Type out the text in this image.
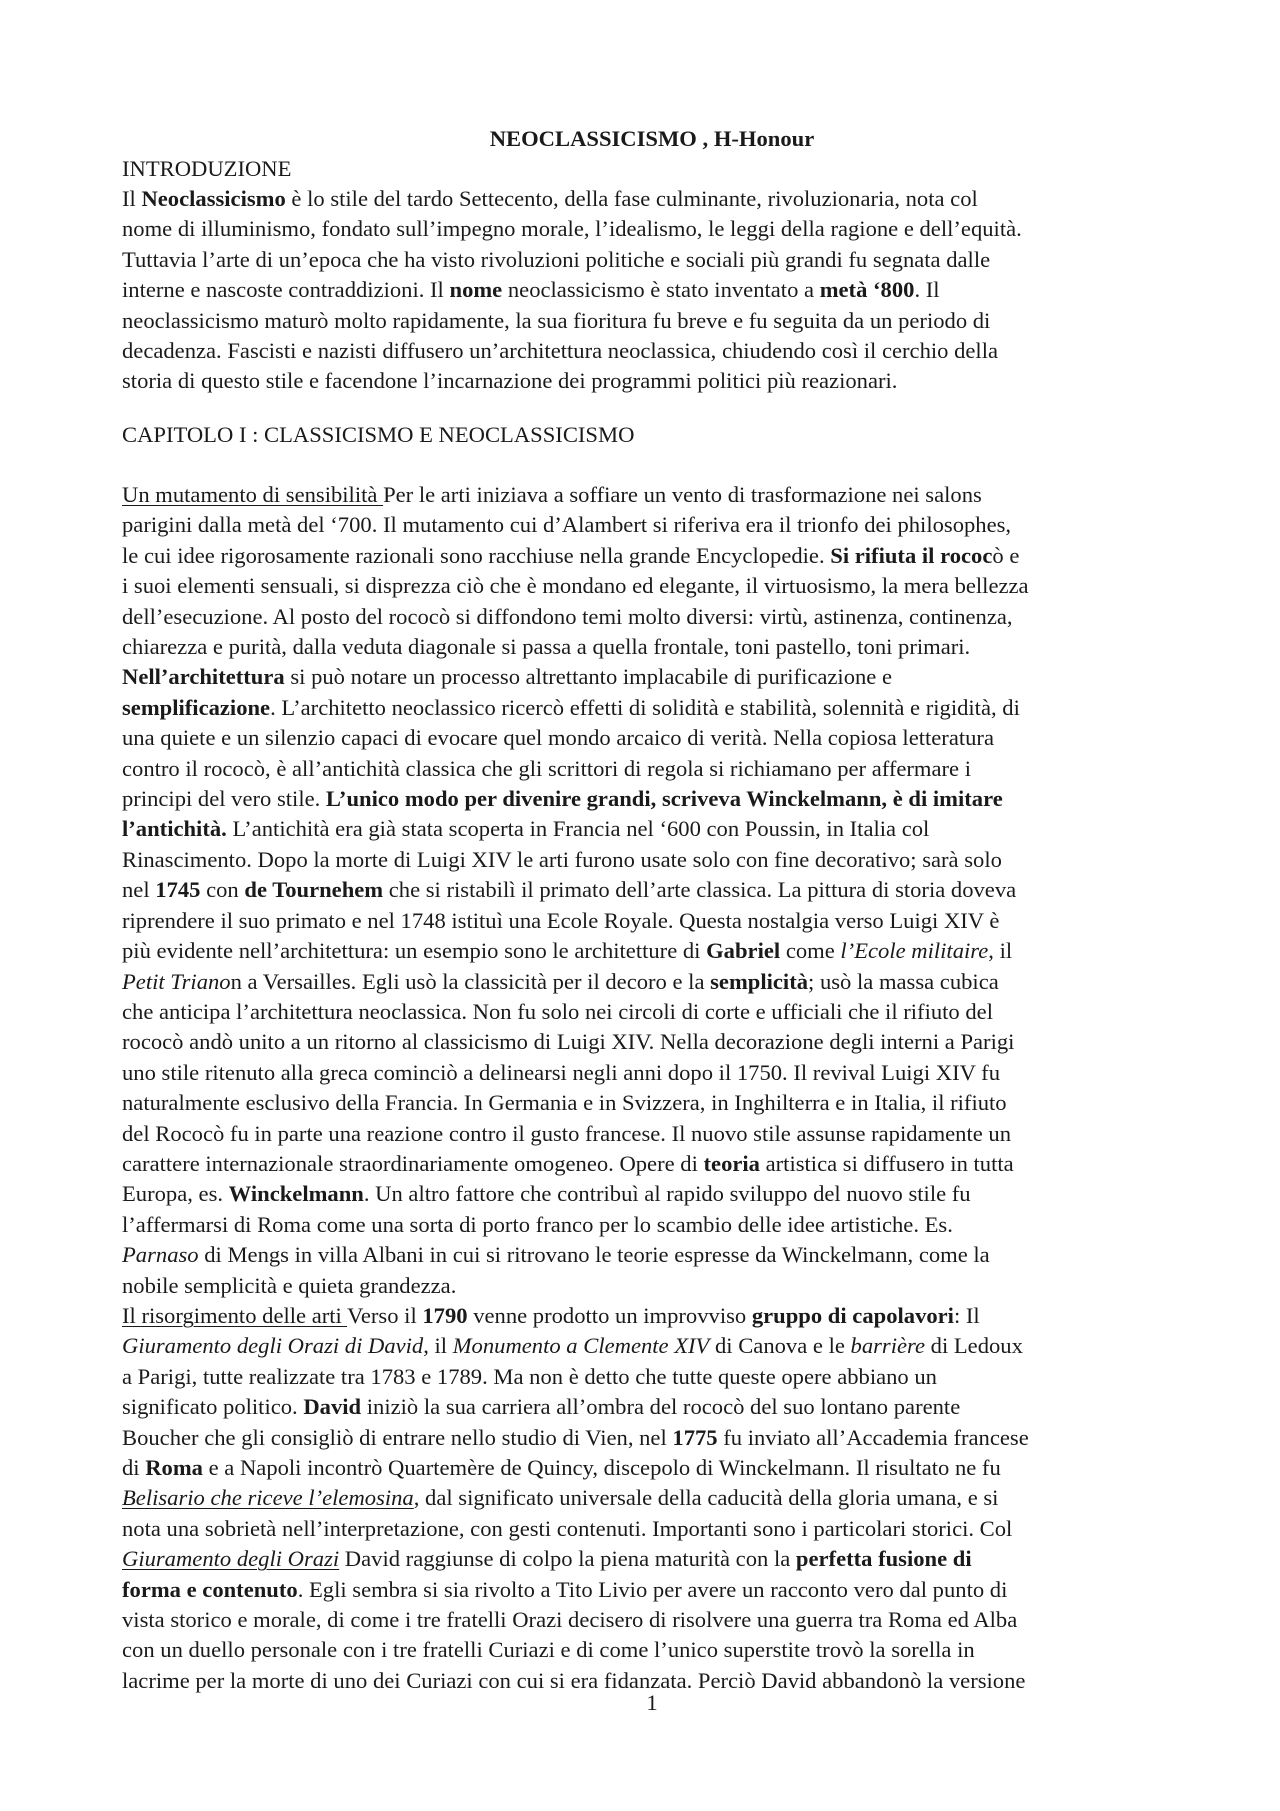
NEOCLASSICISMO , H-Honour
INTRODUZIONE

Il Neoclassicismo è lo stile del tardo Settecento, della fase culminante, rivoluzionaria, nota col

nome di illuminismo, fondato sull’impegno morale, l’idealismo, le leggi della ragione e dell’equità.

Tuttavia l’arte di un’epoca che ha visto rivoluzioni politiche e sociali più grandi fu segnata dalle

interne e nascoste contraddizioni. Il nome neoclassicismo è stato inventato a metà ‘800. Il

neoclassicismo maturò molto rapidamente, la sua fioritura fu breve e fu seguita da un periodo di

decadenza. Fascisti e nazisti diffusero un’architettura neoclassica, chiudendo così il cerchio della

storia di questo stile e facendone l’incarnazione dei programmi politici più reazionari.

CAPITOLO I : CLASSICISMO E NEOCLASSICISMO

Un mutamento di sensibilità Per le arti iniziava a soffiare un vento di trasformazione nei salons

parigini dalla metà del ‘700. Il mutamento cui d’Alambert si riferiva era il trionfo dei philosophes,

le cui idee rigorosamente razionali sono racchiuse nella grande Encyclopedie. Si rifiuta il rococò e

i suoi elementi sensuali, si disprezza ciò che è mondano ed elegante, il virtuosismo, la mera bellezza

dell’esecuzione. Al posto del rococò si diffondono temi molto diversi: virtù, astinenza, continenza,

chiarezza e purità, dalla veduta diagonale si passa a quella frontale, toni pastello, toni primari.

Nell’architettura si può notare un processo altrettanto implacabile di purificazione e

semplificazione. L’architetto neoclassico ricercò effetti di solidità e stabilità, solennità e rigidità, di

una quiete e un silenzio capaci di evocare quel mondo arcaico di verità. Nella copiosa letteratura

contro il rococò, è all’antichità classica che gli scrittori di regola si richiamano per affermare i

principi del vero stile. L’unico modo per divenire grandi, scriveva Winckelmann, è di imitare

l’antichità. L’antichità era già stata scoperta in Francia nel ‘600 con Poussin, in Italia col

Rinascimento. Dopo la morte di Luigi XIV le arti furono usate solo con fine decorativo; sarà solo

nel 1745 con de Tournehem che si ristabilì il primato dell’arte classica. La pittura di storia doveva

riprendere il suo primato e nel 1748 istituì una Ecole Royale. Questa nostalgia verso Luigi XIV è

più evidente nell’architettura: un esempio sono le architetture di Gabriel come l’Ecole militaire, il

Petit Trianon a Versailles. Egli usò la classicità per il decoro e la semplicità; usò la massa cubica

che anticipa l’architettura neoclassica. Non fu solo nei circoli di corte e ufficiali che il rifiuto del

rococò andò unito a un ritorno al classicismo di Luigi XIV. Nella decorazione degli interni a Parigi

uno stile ritenuto alla greca cominciò a delinearsi negli anni dopo il 1750. Il revival Luigi XIV fu

naturalmente esclusivo della Francia. In Germania e in Svizzera, in Inghilterra e in Italia, il rifiuto

del Rococò fu in parte una reazione contro il gusto francese. Il nuovo stile assunse rapidamente un

carattere internazionale straordinariamente omogeneo. Opere di teoria artistica si diffusero in tutta

Europa, es. Winckelmann. Un altro fattore che contribuì al rapido sviluppo del nuovo stile fu

l’affermarsi di Roma come una sorta di porto franco per lo scambio delle idee artistiche. Es.

Parnaso di Mengs in villa Albani in cui si ritrovano le teorie espresse da Winckelmann, come la

nobile semplicità e quieta grandezza.

Il risorgimento delle arti Verso il 1790 venne prodotto un improvviso gruppo di capolavori: Il

Giuramento degli Orazi di David, il Monumento a Clemente XIV di Canova e le barrière di Ledoux

a Parigi, tutte realizzate tra 1783 e 1789. Ma non è detto che tutte queste opere abbiano un

significato politico. David iniziò la sua carriera all’ombra del rococò del suo lontano parente

Boucher che gli consigliò di entrare nello studio di Vien, nel 1775 fu inviato all’Accademia francese

di Roma e a Napoli incontrò Quartemère de Quincy, discepolo di Winckelmann. Il risultato ne fu

Belisario che riceve l’elemosina, dal significato universale della caducità della gloria umana, e si

nota una sobrietà nell’interpretazione, con gesti contenuti. Importanti sono i particolari storici. Col

Giuramento degli Orazi David raggiunse di colpo la piena maturità con la perfetta fusione di

forma e contenuto. Egli sembra si sia rivolto a Tito Livio per avere un racconto vero dal punto di

vista storico e morale, di come i tre fratelli Orazi decisero di risolvere una guerra tra Roma ed Alba

con un duello personale con i tre fratelli Curiazi e di come l’unico superstite trovò la sorella in

lacrime per la morte di uno dei Curiazi con cui si era fidanzata. Perciò David abbandonò la versione

1
